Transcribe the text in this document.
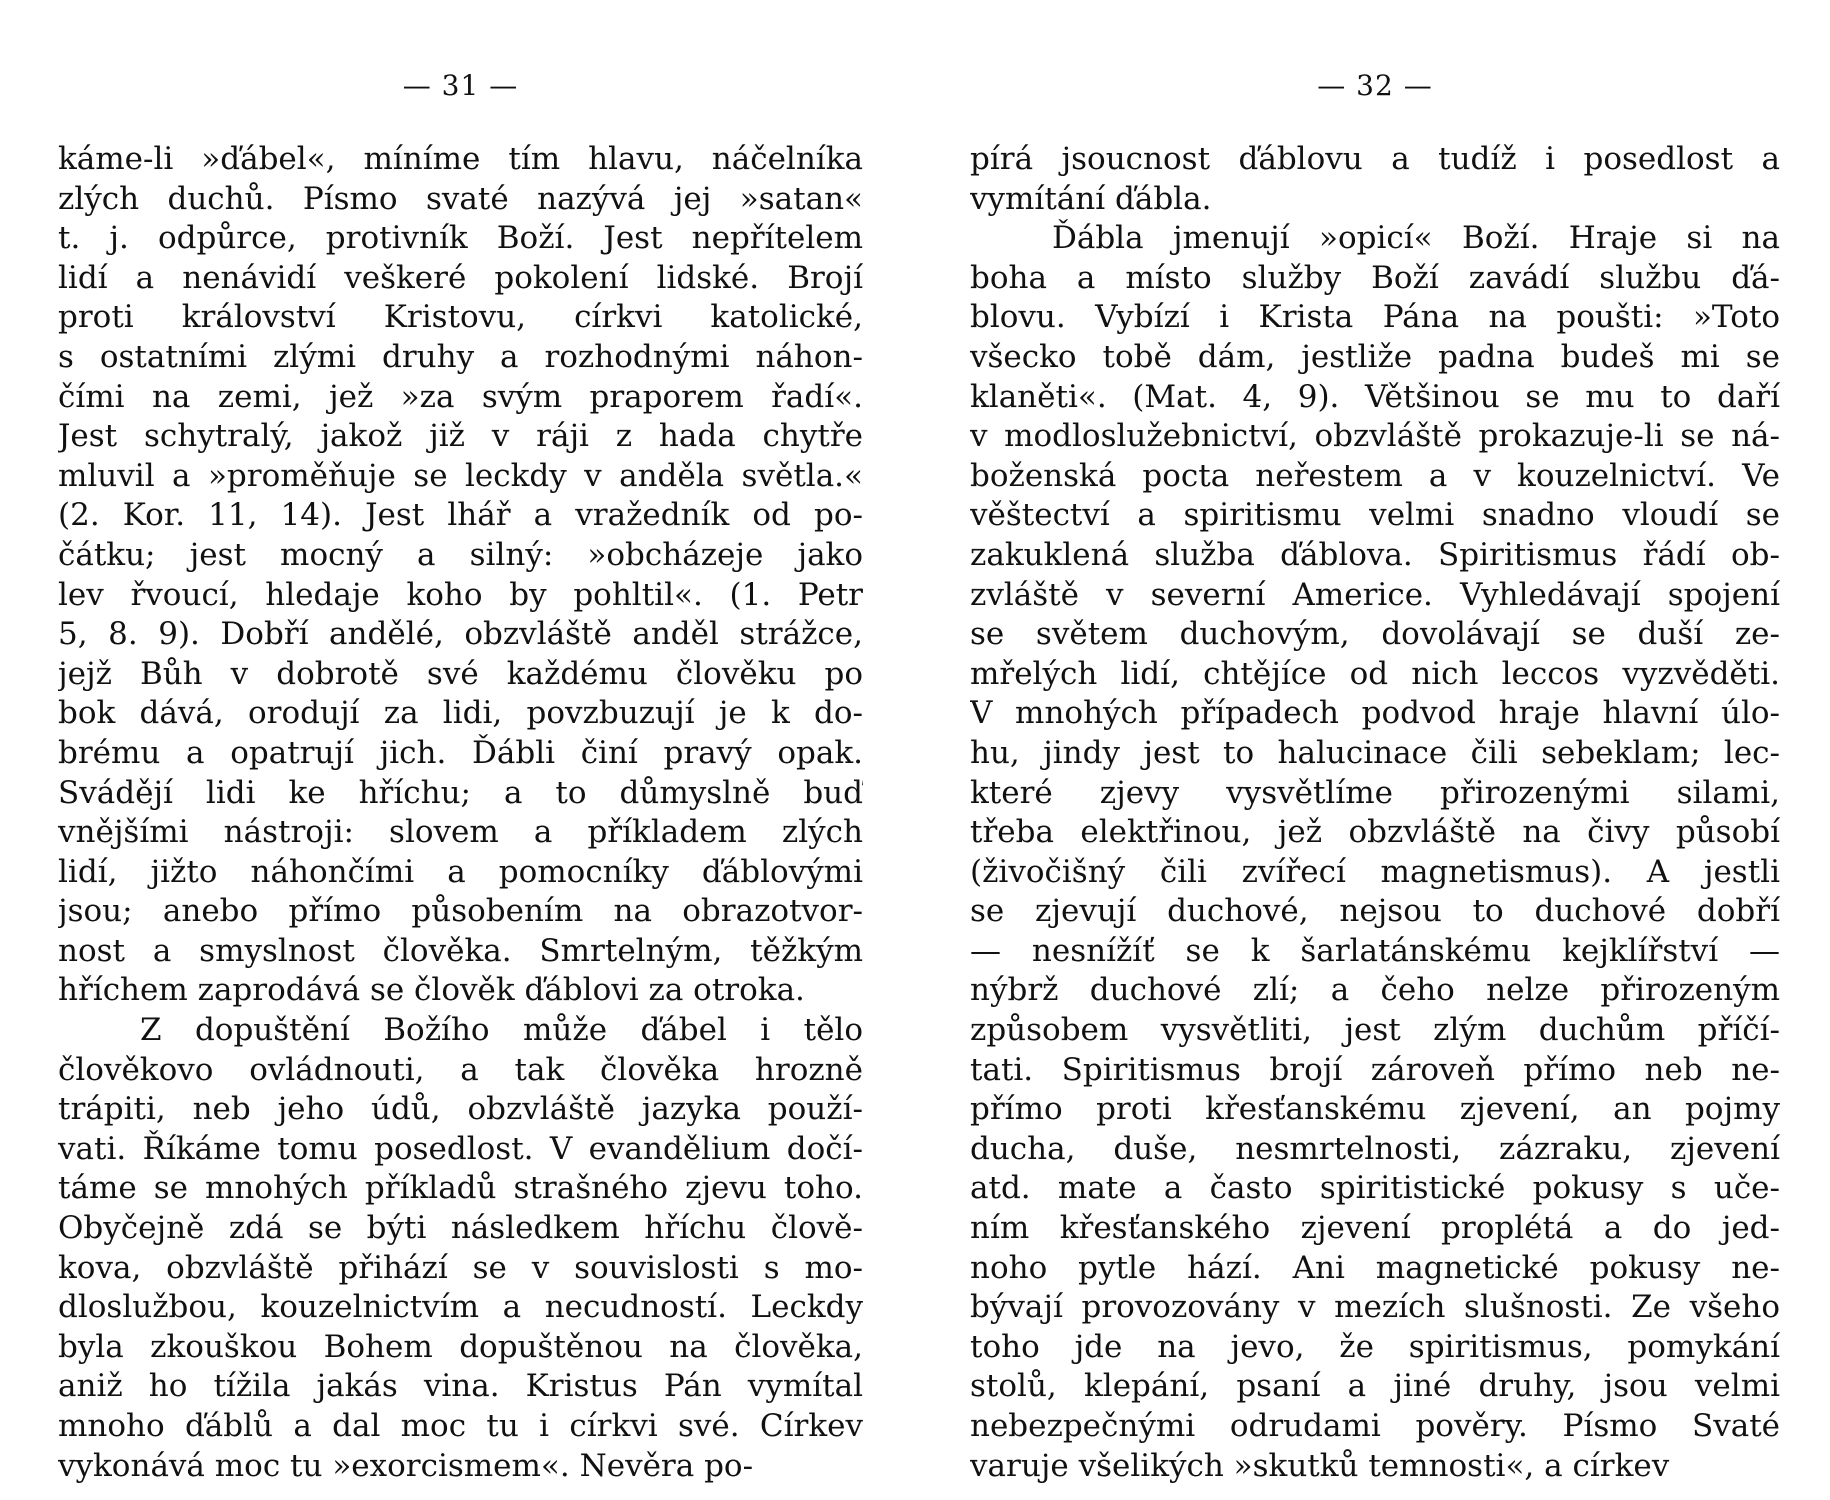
— 31 —
káme-li »ďábel«, míníme tím hlavu, náčelníka
zlých duchů. Písmo svaté nazývá jej »satan«
t. j. odpůrce, protivník Boží. Jest nepřítelem
lidí a nenávidí veškeré pokolení lidské. Brojí
proti království Kristovu, církvi katolické,
s ostatními zlými druhy a rozhodnými náhon-
čími na zemi, jež »za svým praporem řadí«.
Jest schytralý, jakož již v ráji z hada chytře
mluvil a »proměňuje se leckdy v anděla světla.«
(2. Kor. 11, 14). Jest lhář a vražedník od po-
čátku; jest mocný a silný: »obcházeje jako
lev řvoucí, hledaje koho by pohltil«. (1. Petr
5, 8. 9). Dobří andělé, obzvláště anděl strážce,
jejž Bůh v dobrotě své každému člověku po
bok dává, orodují za lidi, povzbuzují je k do-
brému a opatrují jich. Ďábli činí pravý opak.
Svádějí lidi ke hříchu; a to důmyslně buď
vnějšími nástroji: slovem a příkladem zlých
lidí, jižto náhončími a pomocníky ďáblovými
jsou; anebo přímo působením na obrazotvor-
nost a smyslnost člověka. Smrtelným, těžkým
hříchem zaprodává se člověk ďáblovi za otroka.
Z dopuštění Božího může ďábel i tělo
člověkovo ovládnouti, a tak člověka hrozně
trápiti, neb jeho údů, obzvláště jazyka použí-
vati. Říkáme tomu posedlost. V evandělium dočí-
táme se mnohých příkladů strašného zjevu toho.
Obyčejně zdá se býti následkem hříchu člově-
kova, obzvláště přihází se v souvislosti s mo-
dloslužbou, kouzelnictvím a necudností. Leckdy
byla zkouškou Bohem dopuštěnou na člověka,
aniž ho tížila jakás vina. Kristus Pán vymítal
mnoho ďáblů a dal moc tu i církvi své. Církev
vykonává moc tu »exorcismem«. Nevěra po-
— 32 —
pírá jsoucnost ďáblovu a tudíž i posedlost a
vymítání ďábla.
Ďábla jmenují »opicí« Boží. Hraje si na
boha a místo služby Boží zavádí službu ďá-
blovu. Vybízí i Krista Pána na poušti: »Toto
všecko tobě dám, jestliže padna budeš mi se
klaněti«. (Mat. 4, 9). Většinou se mu to daří
v modloslužebnictví, obzvláště prokazuje-li se ná-
boženská pocta neřestem a v kouzelnictví. Ve
věštectví a spiritismu velmi snadno vloudí se
zakuklená služba ďáblova. Spiritismus řádí ob-
zvláště v severní Americe. Vyhledávají spojení
se světem duchovým, dovolávají se duší ze-
mřelých lidí, chtějíce od nich leccos vyzvěděti.
V mnohých případech podvod hraje hlavní úlo-
hu, jindy jest to halucinace čili sebeklam; lec-
které zjevy vysvětlíme přirozenými silami,
třeba elektřinou, jež obzvláště na čivy působí
(živočišný čili zvířecí magnetismus). A jestli
se zjevují duchové, nejsou to duchové dobří
— nesnížíť se k šarlatánskému kejklířství —
nýbrž duchové zlí; a čeho nelze přirozeným
způsobem vysvětliti, jest zlým duchům příčí-
tati. Spiritismus brojí zároveň přímo neb ne-
přímo proti křesťanskému zjevení, an pojmy
ducha, duše, nesmrtelnosti, zázraku, zjevení
atd. mate a často spiritistické pokusy s uče-
ním křesťanského zjevení proplétá a do jed-
noho pytle hází. Ani magnetické pokusy ne-
bývají provozovány v mezích slušnosti. Ze všeho
toho jde na jevo, že spiritismus, pomykání
stolů, klepání, psaní a jiné druhy, jsou velmi
nebezpečnými odrudami pověry. Písmo Svaté
varuje všelikých »skutků temnosti«, a církev
